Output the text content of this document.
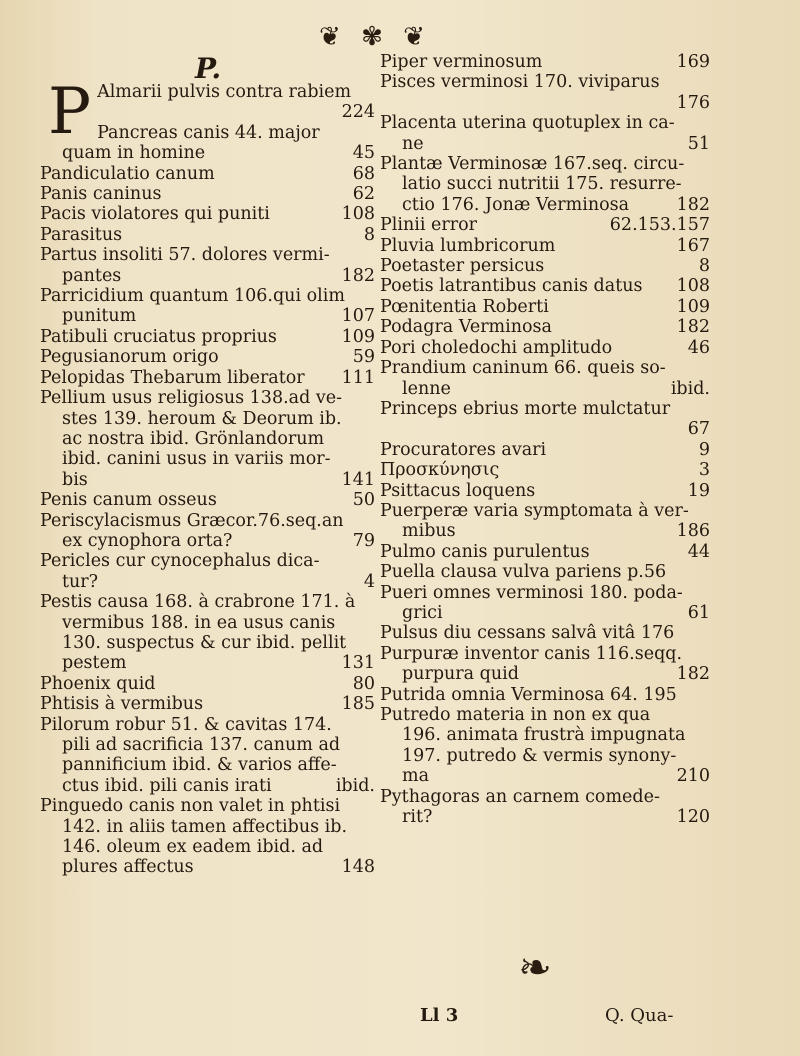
❦ ✾ ❦
P.
P Almarii pulvis contra rabiem
224
Pancreas canis 44. major
quam in homine	45
Pandiculatio canum	68
Panis caninus	62
Pacis violatores qui puniti	108
Parasitus	8
Partus insoliti 57. dolores vermi-
pantes	182
Parricidium quantum 106.qui olim
punitum	107
Patibuli cruciatus proprius	109
Pegusianorum origo	59
Pelopidas Thebarum liberator 111
Pellium usus religiosus 138.ad ve-
stes 139. heroum & Deorum ib.
ac nostra ibid. Grönlandorum
ibid. canini usus in variis mor-
bis	141
Penis canum osseus	50
Periscylacismus Græcor.76.seq.an
ex cynophora orta?	79
Pericles cur cynocephalus dica-
tur?	4
Pestis causa 168. à crabrone 171. à
vermibus 188. in ea usus canis
130. suspectus & cur ibid. pellit
pestem	131
Phoenix quid	80
Phtisis à vermibus	185
Pilorum robur 51. & cavitas 174.
pili ad sacrificia 137. canum ad
pannificium ibid. & varios affe-
ctus ibid. pili canis irati	ibid.
Pinguedo canis non valet in phtisi
142. in aliis tamen affectibus ib.
146. oleum ex eadem ibid. ad
plures affectus	148
Piper verminosum	169
Pisces verminosi 170. viviparus
176
Placenta uterina quotuplex in ca-
ne	51
Plantæ Verminosæ 167.seq. circu-
latio succi nutritii 175. resurre-
ctio 176. Jonæ Verminosa	182
Plinii error	62.153.157
Pluvia lumbricorum	167
Poetaster persicus	8
Poetis latrantibus canis datus 108
Pœnitentia Roberti	109
Podagra Verminosa	182
Pori choledochi amplitudo	46
Prandium caninum 66. queis so-
lenne	ibid.
Princeps ebrius morte mulctatur
67
Procuratores avari	9
Προσκύνησις	3
Psittacus loquens	19
Puerperæ varia symptomata à ver-
mibus	186
Pulmo canis purulentus	44
Puella clausa vulva pariens p.56
Pueri omnes verminosi 180. poda-
grici	61
Pulsus diu cessans salvâ vitâ 176
Purpuræ inventor canis 116.seqq.
purpura quid	182
Putrida omnia Verminosa 64. 195
Putredo materia in non ex qua
196. animata frustrà impugnata
197. putredo & vermis synony-
ma	210
Pythagoras an carnem comede-
rit?	120
❧
Ll 3	Q. Qua-
